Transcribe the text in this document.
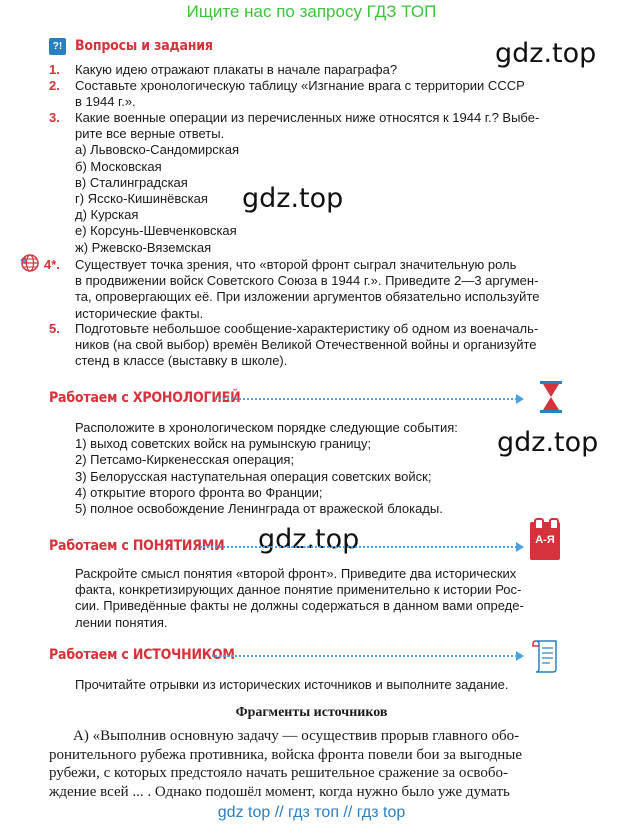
Ищите нас по запросу ГДЗ ТОП
gdz.top
gdz.top
gdz.top
gdz.top
?! Вопросы и задания
1. Какую идею отражают плакаты в начале параграфа?
2. Составьте хронологическую таблицу «Изгнание врага с территории СССР
в 1944 г.».
3. Какие военные операции из перечисленных ниже относятся к 1944 г.? Выбе-
рите все верные ответы.
а) Львовско-Сандомирская
б) Московская
в) Сталинградская
г) Ясско-Кишинёвская
д) Курская
е) Корсунь-Шевченковская
ж) Ржевско-Вяземская
4*. Существует точка зрения, что «второй фронт сыграл значительную роль
в продвижении войск Советского Союза в 1944 г.». Приведите 2—3 аргумен-
та, опровергающих её. При изложении аргументов обязательно используйте
исторические факты.
5. Подготовьте небольшое сообщение-характеристику об одном из военачаль-
ников (на свой выбор) времён Великой Отечественной войны и организуйте
стенд в классе (выставку в школе).
Работаем с ХРОНОЛОГИЕЙ
Расположите в хронологическом порядке следующие события:
1) выход советских войск на румынскую границу;
2) Петсамо-Киркенесская операция;
3) Белорусская наступательная операция советских войск;
4) открытие второго фронта во Франции;
5) полное освобождение Ленинграда от вражеской блокады.
Работаем с ПОНЯТИЯМИ	А-Я
Раскройте смысл понятия «второй фронт». Приведите два исторических
факта, конкретизирующих данное понятие применительно к истории Рос-
сии. Приведённые факты не должны содержаться в данном вами опреде-
лении понятия.
Работаем с ИСТОЧНИКОМ
Прочитайте отрывки из исторических источников и выполните задание.
Фрагменты источников
А) «Выполнив основную задачу — осуществив прорыв главного обо-
ронительного рубежа противника, войска фронта повели бои за выгодные
рубежи, с которых предстояло начать решительное сражение за освобо-
ждение всей ... . Однако подошёл момент, когда нужно было уже думать
gdz top // гдз топ // гдз top
